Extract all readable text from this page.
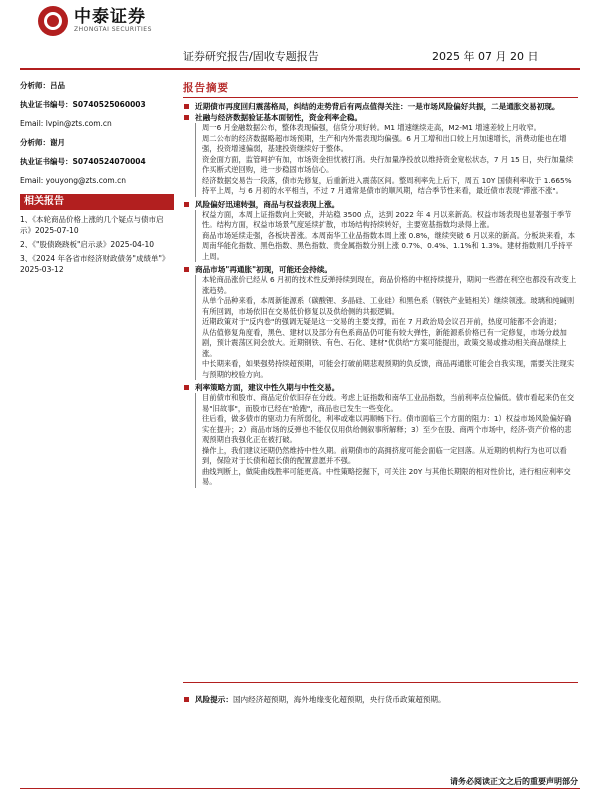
中泰证券
ZHONGTAI SECURITIES
证券研究报告/固收专题报告	2025 年 07 月 20 日
分析师：吕品
执业证书编号：S0740525060003
Email: lvpin@zts.com.cn
分析师：谢月
执业证书编号：S0740524070004
Email: youyong@zts.com.cn
相关报告
1、《本轮商品价格上涨的几个疑点与债市启示》2025-07-10
2、《"股债跷跷板"启示录》2025-04-10
3、《2024 年各省市经济财政债务"成绩单"》2025-03-12
报告摘要
近期债市再度回归震荡格局，纠结的走势背后有两点值得关注：一是市场风险偏好共振，二是通胀交易初现。
社融与经济数据验证基本面韧性，资金利率企稳。
周一6 月金融数据公布，整体表现偏强，信贷分项好转。M1 增速继续走高，M2-M1 增速差较上月收窄。
周二公布的经济数据略超市场预期，生产和内外需表现均偏强。6 月工增和出口较上月加速增长，消费动能也在增强，投资增速偏弱，基建投资继续好于整体。
资金面方面，监管呵护有加，市场资金担忧被打消。央行加量净投放以维持资金宽松状态，7 月 15 日，央行加量续作买断式逆回购，进一步稳固市场信心。
经济数据交易告一段落，债市先修复，后重新进入震荡区间。整周利率先上后下，周五 10Y 国债利率收于 1.665%持平上周，与 6 月初的水平相当，不过 7 月通常是债市的顺风期，结合季节性来看，最近债市表现"滞涨不涨"。
风险偏好迅速转强，商品与权益表现上涨。
权益方面，本周上证指数向上突破，并站稳 3500 点，达到 2022 年 4 月以来新高。权益市场表现也显著强于季节性。结构方面，权益市场景气度延续扩散，市场结构持续转好，主要宽基指数均录得上涨。
商品市场延续走强，各板块普涨。本周南华工业品指数本周上涨 0.8%，继续突破 6 月以来的新高。分板块来看，本周南华能化指数、黑色指数、黑色指数、贵金属指数分别上涨 0.7%、0.4%、1.1%和 1.3%。建材指数则几乎持平上周。
商品市场"再通胀"初现，可能还会持续。
本轮商品涨价已经从 6 月初的技术性反弹持续到现在，商品价格的中枢持续提升，期间一些潜在利空也都没有改变上涨趋势。
从单个品种来看，本周新能源系（碳酸锂、多晶硅、工业硅）和黑色系（钢铁产业链相关）继续领涨。玻璃和纯碱则有所回调，市场依旧在交易低价修复以及供给侧的共振逻辑。
近期政策对于"反内卷"的强调无疑是这一交易的主要支撑，而在 7 月政治局会议召开前，热度可能都不会消退；
从估值修复角度看，黑色、建材以及部分有色系商品仍可能有较大弹性，新能源系价格已有一定修复，市场分歧加剧，预计震荡区间会放大。近期钢铁、有色、石化、建材"优供给"方案可能提出，政策交易或推动相关商品继续上涨。
中长期来看，如果强势持续超预期，可能会打破前期悲观预期的负反馈，商品再通胀可能会自我实现，需要关注现实与预期的校验方向。
利率策略方面，建议中性久期与中性交易。
目前债市和股市、商品定价依旧存在分歧。考虑上证指数和南华工业品指数，当前利率点位偏低。债市看起来仍在交易"旧故事"，而股市已经在"抢跑"，商品也已发生一些变化。
往后看，做多债市的驱动力有所弱化，利率或难以再顺畅下行。债市面临三个方面的阻力：1）权益市场风险偏好确实在提升；2）商品市场的反弹也不能仅仅用供给侧叙事所解释；3）至少在股、商两个市场中，经济-资产价格的悲观预期自我强化正在被打破。
操作上，我们建议还期仍然维持中性久期。前期债市的高拥挤度可能会面临一定回落。从近期的机构行为也可以看到，保险对于长债和超长债的配置意愿并不强。
曲线判断上，做陡曲线胜率可能更高。中性策略挖掘下，可关注 20Y 与其他长期限的相对性价比，进行相应利率交易。
风险提示：国内经济超预期，海外地缘变化超预期，央行货币政策超预期。
请务必阅读正文之后的重要声明部分
